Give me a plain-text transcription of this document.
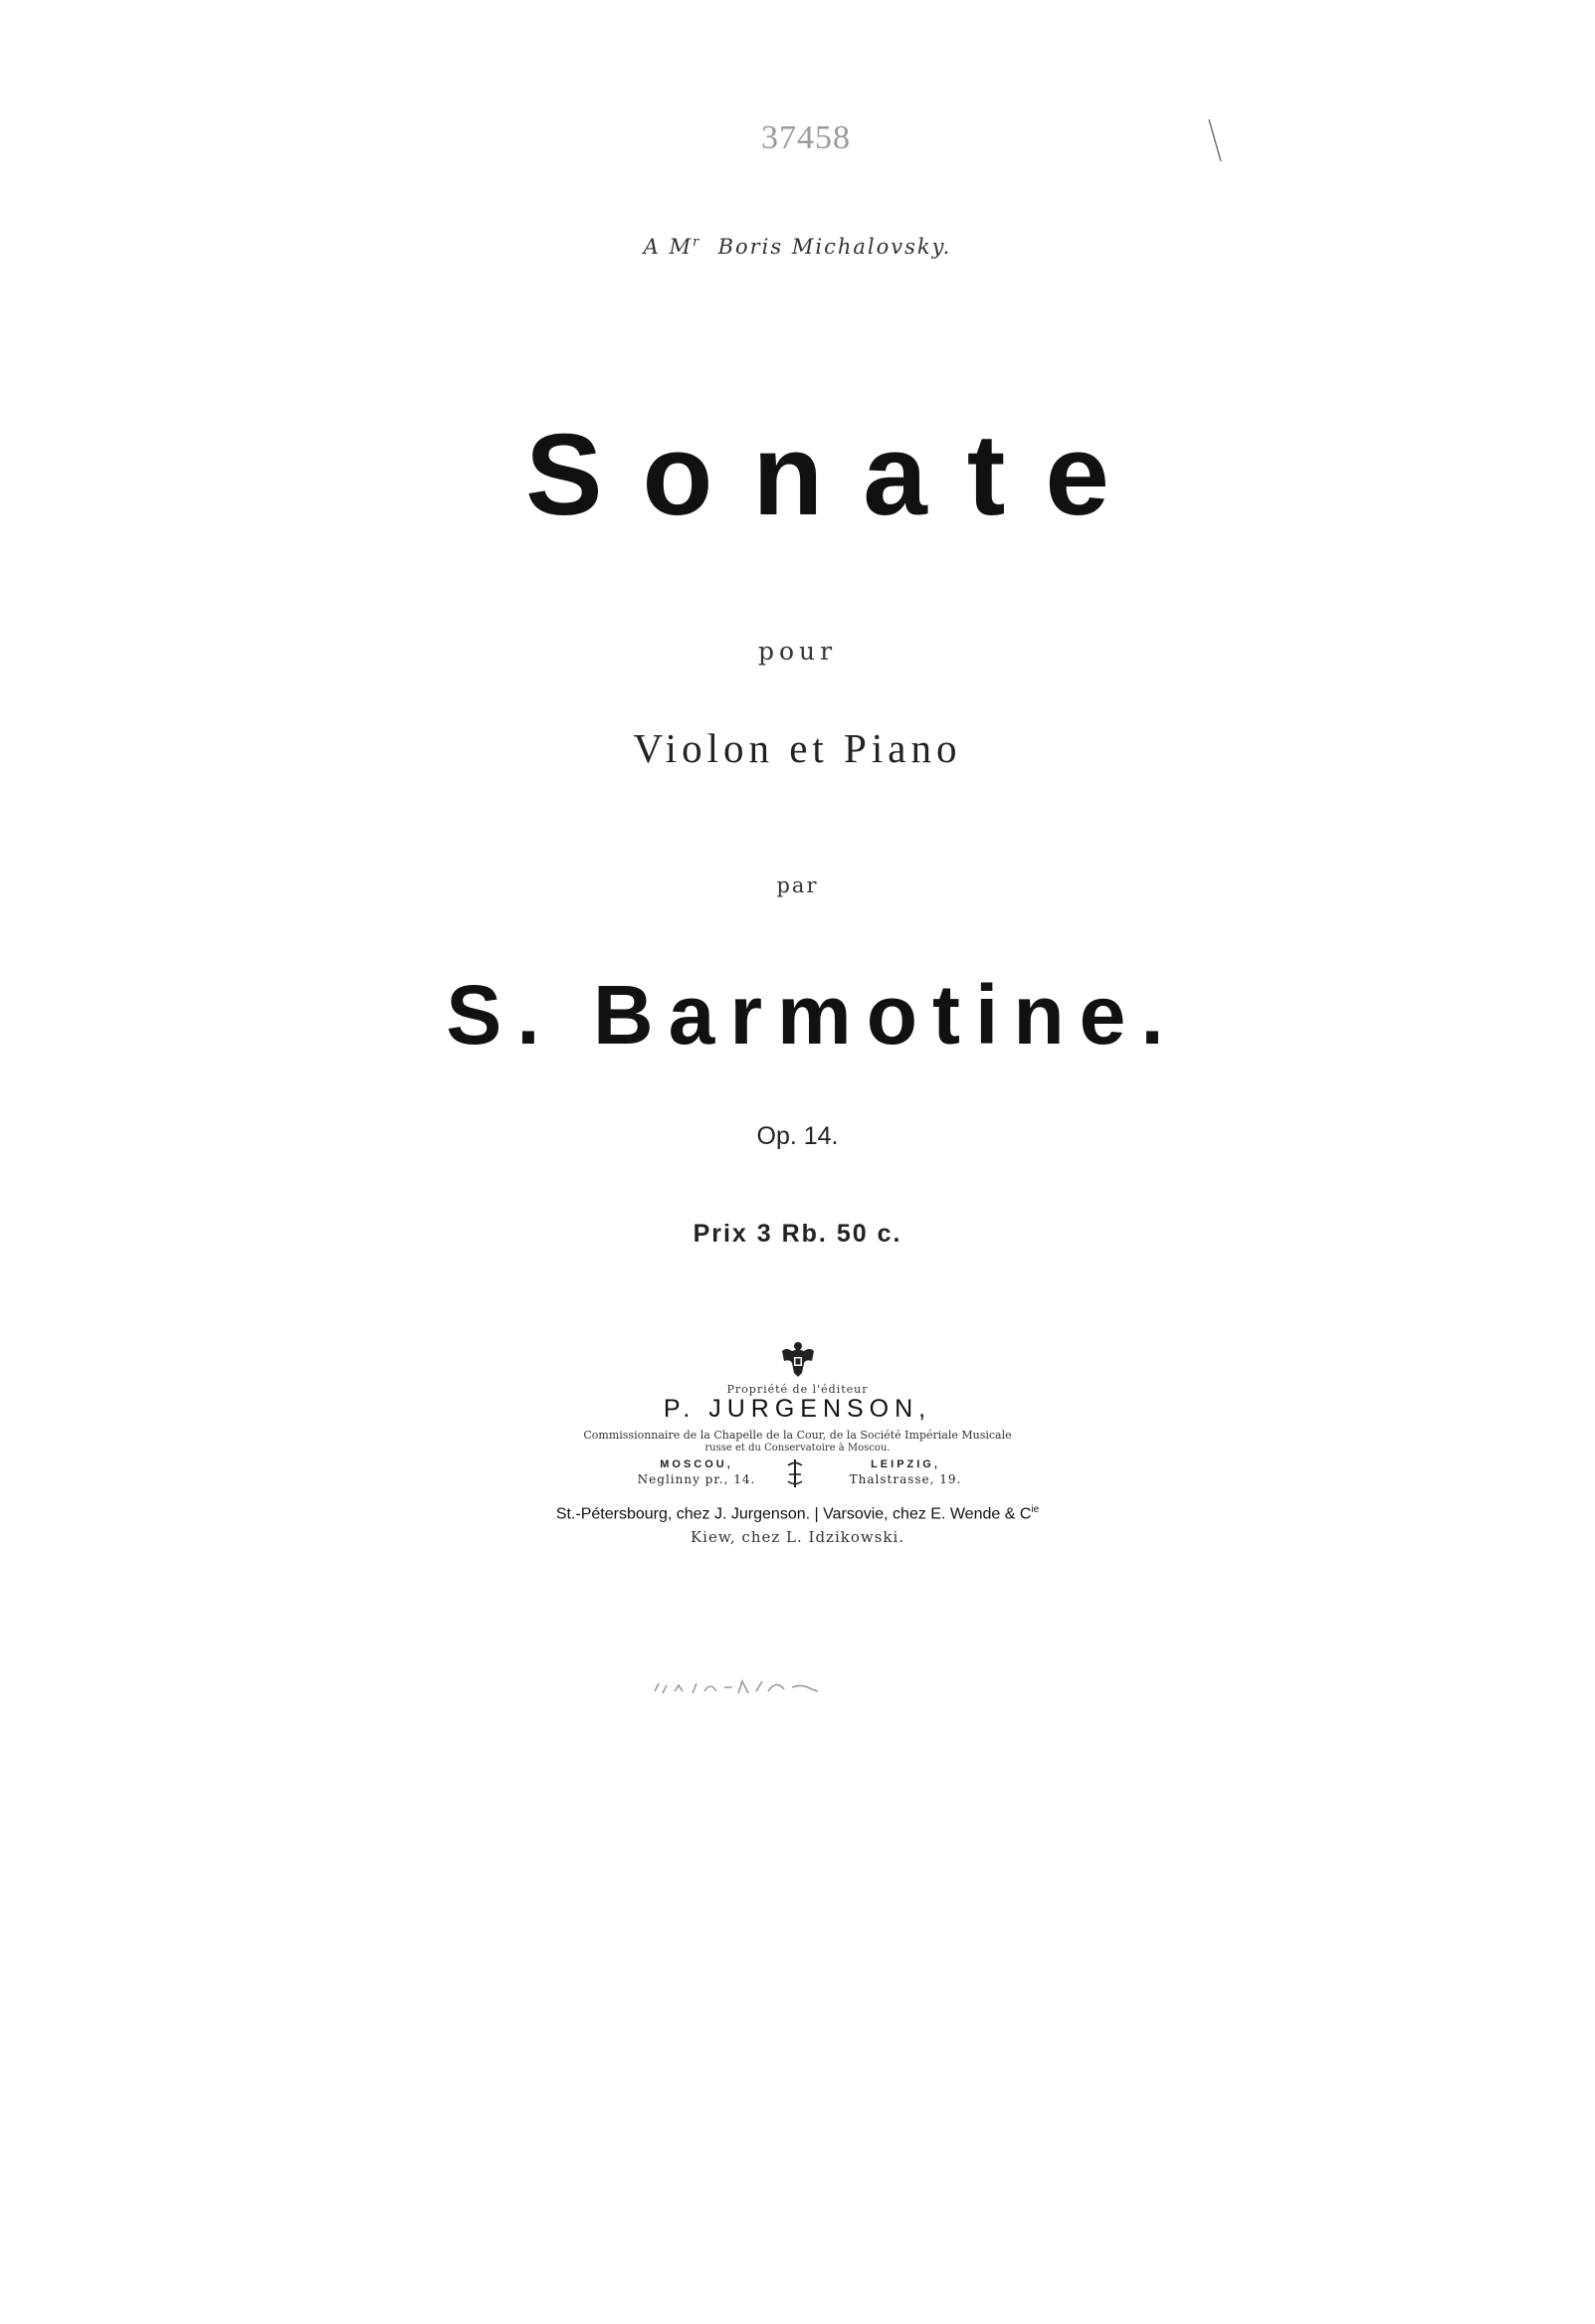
37458
A $M^r$ Boris Michalovsky.
Sonate
pour
Violon et Piano
par
S. Barmotine.
Op. 14.
Prix 3 Rb. 50 c.
Propriété de l'éditeur
P. JURGENSON,
Commissionnaire de la Chapelle de la Cour, de la Société Impériale Musicale
russe et du Conservatoire à Moscou.
MOSCOU,
Neglinny pr., 14.
LEIPZIG,
Thalstrasse, 19.
St.-Pétersbourg, chez J. Jurgenson. | Varsovie, chez E. Wende & $C^{ie}$
Kiew, chez L. Idzikowski.
